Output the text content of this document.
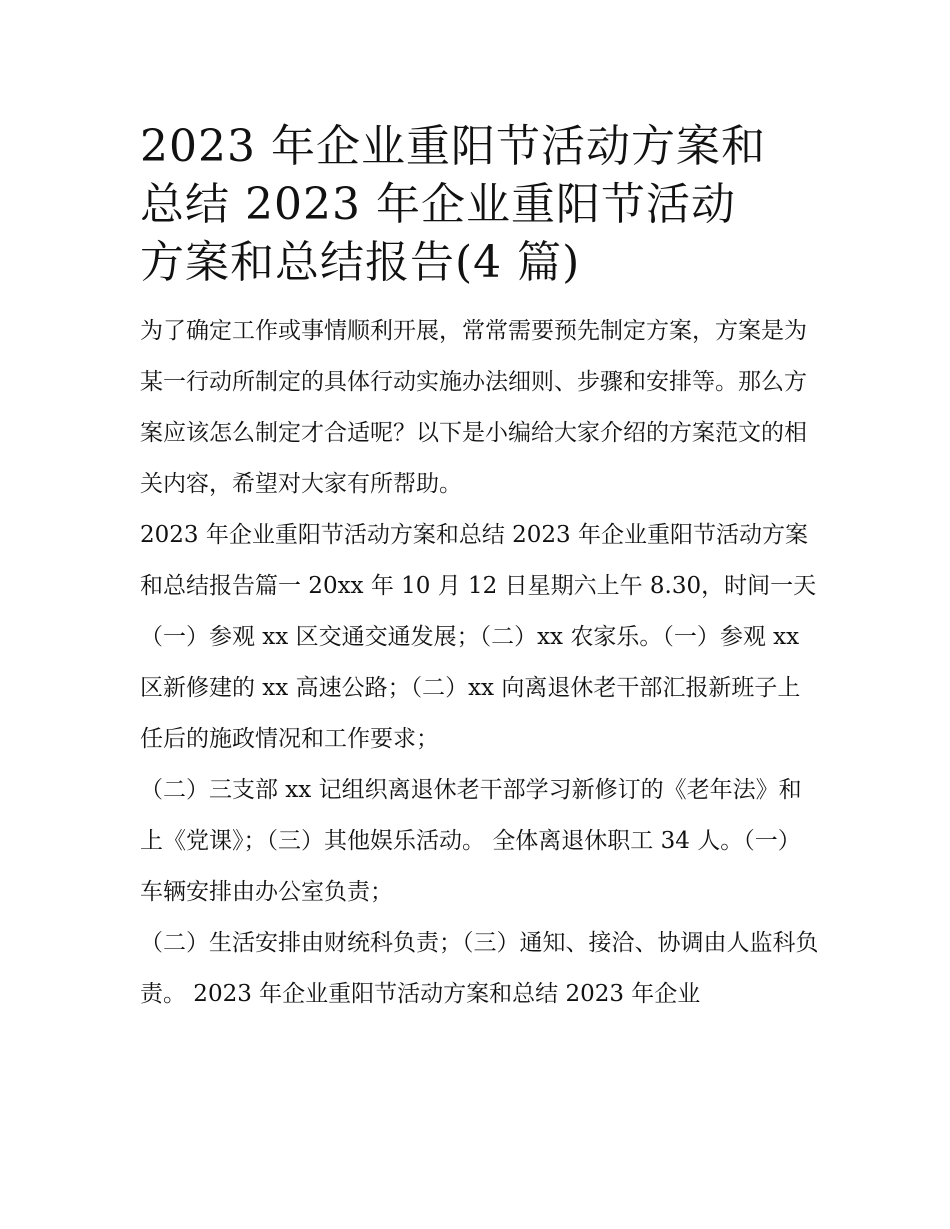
2023 年企业重阳节活动方案和
总结 2023 年企业重阳节活动
方案和总结报告(4 篇)

为了确定工作或事情顺利开展，常常需要预先制定方案，方案是为某一行动所制定的具体行动实施办法细则、步骤和安排等。那么方案应该怎么制定才合适呢？以下是小编给大家介绍的方案范文的相关内容，希望对大家有所帮助。

2023 年企业重阳节活动方案和总结 2023 年企业重阳节活动方案和总结报告篇一 20xx 年 10 月 12 日星期六上午 8.30，时间一天

（一）参观 xx 区交通交通发展；（二）xx 农家乐。（一）参观 xx 区新修建的 xx 高速公路；（二）xx 向离退休老干部汇报新班子上任后的施政情况和工作要求；

（二）三支部 xx 记组织离退休老干部学习新修订的《老年法》和上《党课》；（三）其他娱乐活动。 全体离退休职工 34 人。（一）车辆安排由办公室负责；

（二）生活安排由财统科负责；（三）通知、接洽、协调由人监科负责。 2023 年企业重阳节活动方案和总结 2023 年企业
